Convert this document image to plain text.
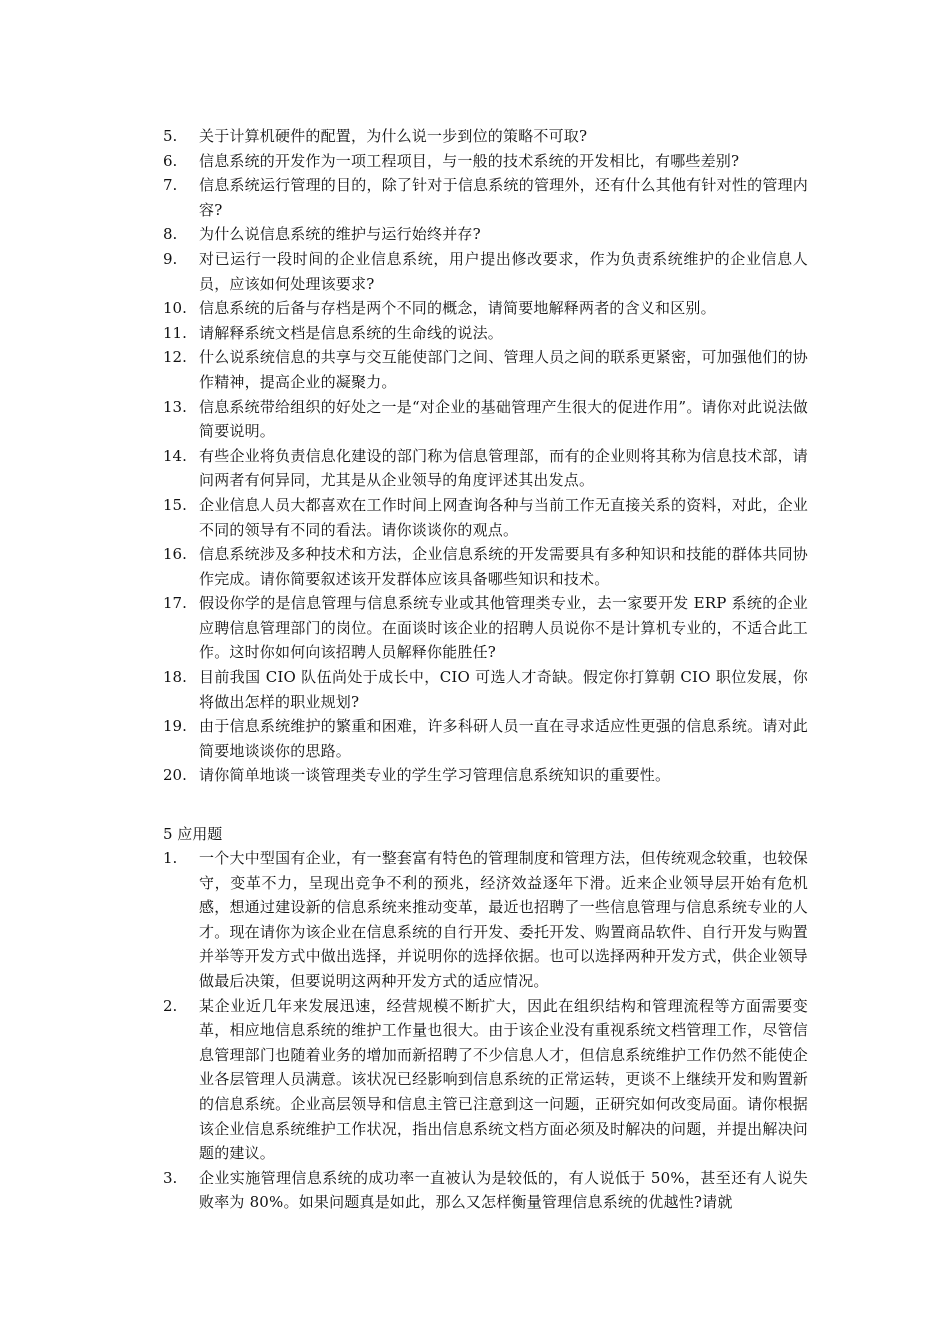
5.	关于计算机硬件的配置，为什么说一步到位的策略不可取?
6.	信息系统的开发作为一项工程项目，与一般的技术系统的开发相比，有哪些差别?
7.	信息系统运行管理的目的，除了针对于信息系统的管理外，还有什么其他有针对性的管理内容?
8.	为什么说信息系统的维护与运行始终并存?
9.	对已运行一段时间的企业信息系统，用户提出修改要求，作为负责系统维护的企业信息人员，应该如何处理该要求?
10. 信息系统的后备与存档是两个不同的概念，请简要地解释两者的含义和区别。
11. 请解释系统文档是信息系统的生命线的说法。
12. 什么说系统信息的共享与交互能使部门之间、管理人员之间的联系更紧密，可加强他们的协作精神，提高企业的凝聚力。
13. 信息系统带给组织的好处之一是“对企业的基础管理产生很大的促进作用”。请你对此说法做简要说明。
14. 有些企业将负责信息化建设的部门称为信息管理部，而有的企业则将其称为信息技术部，请问两者有何异同，尤其是从企业领导的角度评述其出发点。
15. 企业信息人员大都喜欢在工作时间上网查询各种与当前工作无直接关系的资料，对此，企业不同的领导有不同的看法。请你谈谈你的观点。
16. 信息系统涉及多种技术和方法，企业信息系统的开发需要具有多种知识和技能的群体共同协作完成。请你简要叙述该开发群体应该具备哪些知识和技术。
17. 假设你学的是信息管理与信息系统专业或其他管理类专业，去一家要开发 ERP 系统的企业应聘信息管理部门的岗位。在面谈时该企业的招聘人员说你不是计算机专业的，不适合此工作。这时你如何向该招聘人员解释你能胜任?
18. 目前我国 CIO 队伍尚处于成长中，CIO 可选人才奇缺。假定你打算朝 CIO 职位发展，你将做出怎样的职业规划?
19. 由于信息系统维护的繁重和困难，许多科研人员一直在寻求适应性更强的信息系统。请对此简要地谈谈你的思路。
20. 请你简单地谈一谈管理类专业的学生学习管理信息系统知识的重要性。
5 应用题
1.	一个大中型国有企业，有一整套富有特色的管理制度和管理方法，但传统观念较重，也较保守，变革不力，呈现出竞争不利的预兆，经济效益逐年下滑。近来企业领导层开始有危机感，想通过建设新的信息系统来推动变革，最近也招聘了一些信息管理与信息系统专业的人才。现在请你为该企业在信息系统的自行开发、委托开发、购置商品软件、自行开发与购置并举等开发方式中做出选择，并说明你的选择依据。也可以选择两种开发方式，供企业领导做最后决策，但要说明这两种开发方式的适应情况。
2.	某企业近几年来发展迅速，经营规模不断扩大，因此在组织结构和管理流程等方面需要变革，相应地信息系统的维护工作量也很大。由于该企业没有重视系统文档管理工作，尽管信息管理部门也随着业务的增加而新招聘了不少信息人才，但信息系统维护工作仍然不能使企业各层管理人员满意。该状况已经影响到信息系统的正常运转，更谈不上继续开发和购置新的信息系统。企业高层领导和信息主管已注意到这一问题，正研究如何改变局面。请你根据该企业信息系统维护工作状况，指出信息系统文档方面必须及时解决的问题，并提出解决问题的建议。
3.	企业实施管理信息系统的成功率一直被认为是较低的，有人说低于 50%，甚至还有人说失败率为 80%。如果问题真是如此，那么又怎样衡量管理信息系统的优越性?请就
